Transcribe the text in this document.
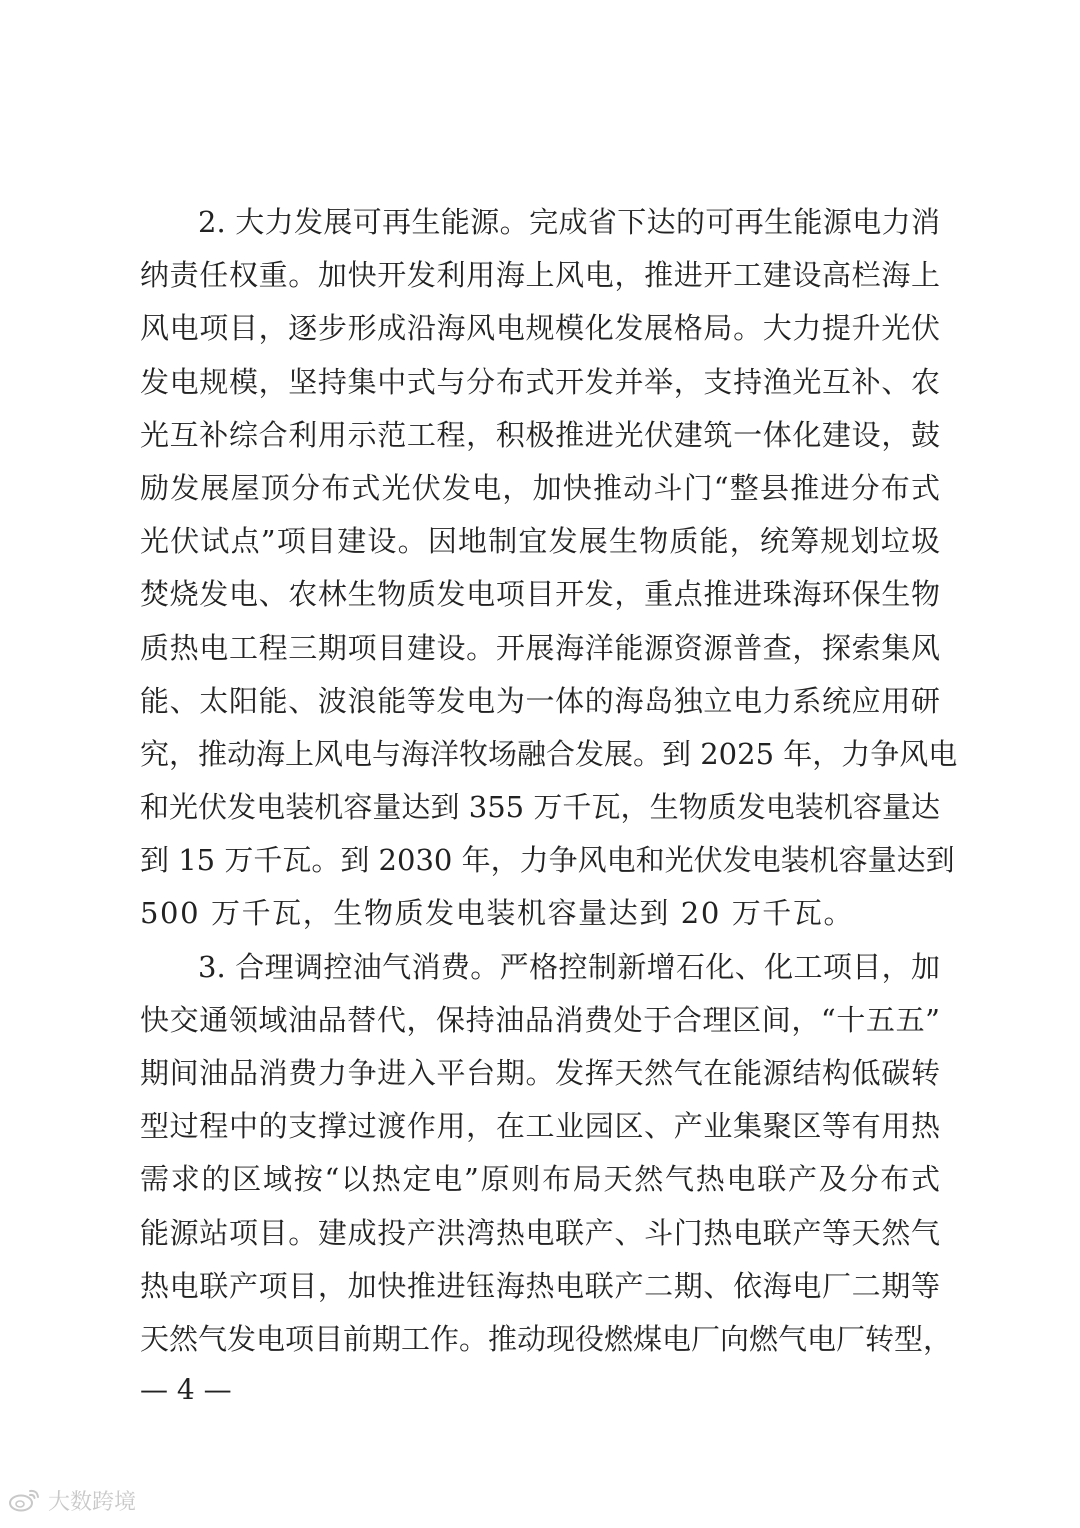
2. 大力发展可再生能源。完成省下达的可再生能源电力消
纳责任权重。加快开发利用海上风电，推进开工建设高栏海上
风电项目，逐步形成沿海风电规模化发展格局。大力提升光伏
发电规模，坚持集中式与分布式开发并举，支持渔光互补、农
光互补综合利用示范工程，积极推进光伏建筑一体化建设，鼓
励发展屋顶分布式光伏发电，加快推动斗门“整县推进分布式
光伏试点”项目建设。因地制宜发展生物质能，统筹规划垃圾
焚烧发电、农林生物质发电项目开发，重点推进珠海环保生物
质热电工程三期项目建设。开展海洋能源资源普查，探索集风
能、太阳能、波浪能等发电为一体的海岛独立电力系统应用研
究，推动海上风电与海洋牧场融合发展。到 2025 年，力争风电
和光伏发电装机容量达到 355 万千瓦，生物质发电装机容量达
到 15 万千瓦。到 2030 年，力争风电和光伏发电装机容量达到
500 万千瓦，生物质发电装机容量达到 20 万千瓦。
3. 合理调控油气消费。严格控制新增石化、化工项目，加
快交通领域油品替代，保持油品消费处于合理区间，“十五五”
期间油品消费力争进入平台期。发挥天然气在能源结构低碳转
型过程中的支撑过渡作用，在工业园区、产业集聚区等有用热
需求的区域按“以热定电”原则布局天然气热电联产及分布式
能源站项目。建成投产洪湾热电联产、斗门热电联产等天然气
热电联产项目，加快推进钰海热电联产二期、依海电厂二期等
天然气发电项目前期工作。推动现役燃煤电厂向燃气电厂转型，
— 4 —
大数跨境
